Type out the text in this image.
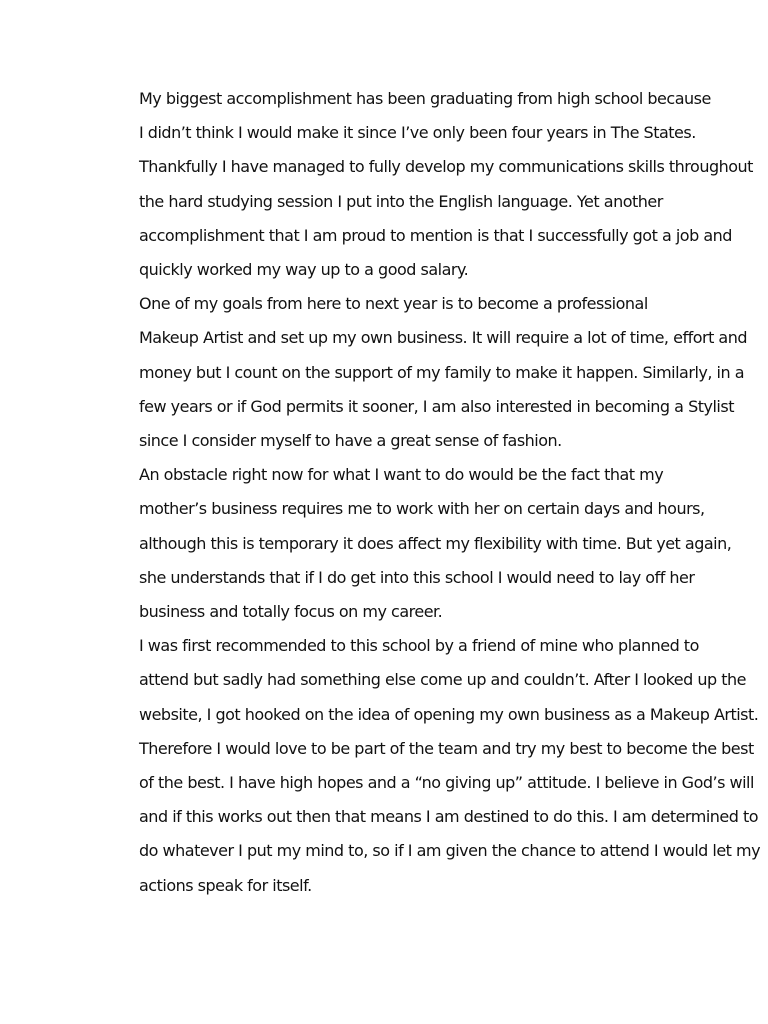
My biggest accomplishment has been graduating from high school because
I didn’t think I would make it since I’ve only been four years in The States.
Thankfully I have managed to fully develop my communications skills throughout
the hard studying session I put into the English language. Yet another
accomplishment that I am proud to mention is that I successfully got a job and
quickly worked my way up to a good salary.

One of my goals from here to next year is to become a professional
Makeup Artist and set up my own business. It will require a lot of time, effort and
money but I count on the support of my family to make it happen. Similarly, in a
few years or if God permits it sooner, I am also interested in becoming a Stylist
since I consider myself to have a great sense of fashion.

An obstacle right now for what I want to do would be the fact that my
mother’s business requires me to work with her on certain days and hours,
although this is temporary it does affect my flexibility with time. But yet again,
she understands that if I do get into this school I would need to lay off her
business and totally focus on my career.

I was first recommended to this school by a friend of mine who planned to
attend but sadly had something else come up and couldn’t. After I looked up the
website, I got hooked on the idea of opening my own business as a Makeup Artist.
Therefore I would love to be part of the team and try my best to become the best
of the best. I have high hopes and a “no giving up” attitude. I believe in God’s will
and if this works out then that means I am destined to do this. I am determined to
do whatever I put my mind to, so if I am given the chance to attend I would let my
actions speak for itself.
